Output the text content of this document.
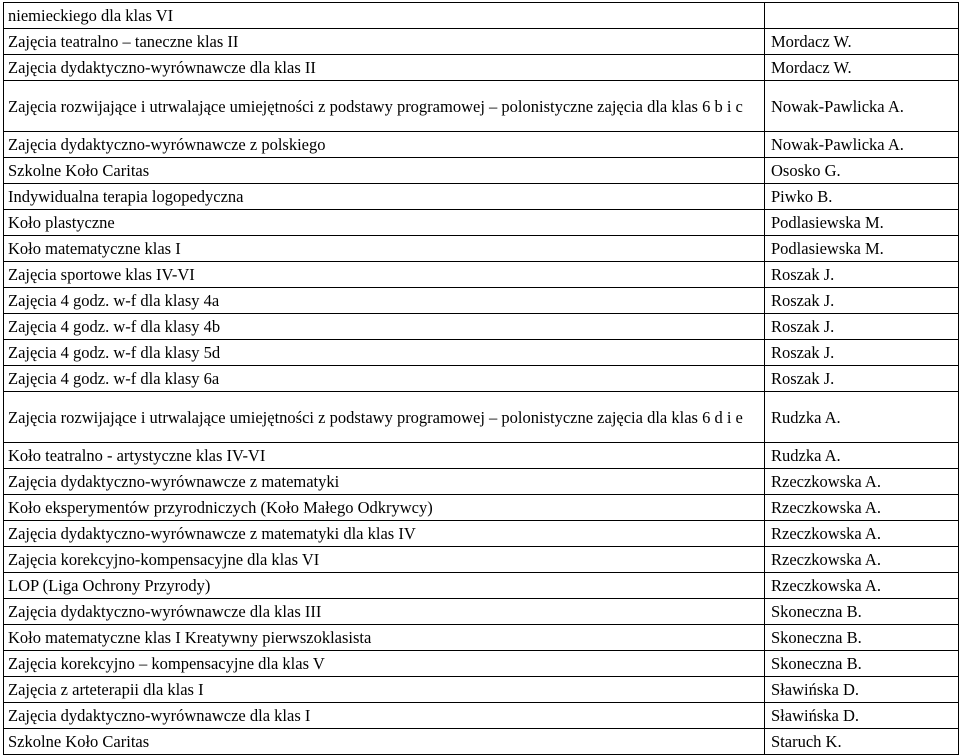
niemieckiego dla klas VI	
Zajęcia teatralno – taneczne klas II	Mordacz W.
Zajęcia dydaktyczno-wyrównawcze dla klas II	Mordacz W.
Zajęcia rozwijające i utrwalające umiejętności z podstawy programowej – polonistyczne zajęcia dla klas 6 b i c	Nowak-Pawlicka A.
Zajęcia dydaktyczno-wyrównawcze z polskiego	Nowak-Pawlicka A.
Szkolne Koło Caritas	Ososko G.
Indywidualna terapia logopedyczna	Piwko B.
Koło plastyczne	Podlasiewska M.
Koło matematyczne klas I	Podlasiewska M.
Zajęcia sportowe klas IV-VI	Roszak J.
Zajęcia 4 godz. w-f dla klasy 4a	Roszak J.
Zajęcia 4 godz. w-f dla klasy 4b	Roszak J.
Zajęcia 4 godz. w-f dla klasy 5d	Roszak J.
Zajęcia 4 godz. w-f dla klasy 6a	Roszak J.
Zajęcia rozwijające i utrwalające umiejętności z podstawy programowej – polonistyczne zajęcia dla klas 6 d i e	Rudzka A.
Koło teatralno - artystyczne klas IV-VI	Rudzka A.
Zajęcia dydaktyczno-wyrównawcze z matematyki	Rzeczkowska A.
Koło eksperymentów przyrodniczych (Koło Małego Odkrywcy)	Rzeczkowska A.
Zajęcia dydaktyczno-wyrównawcze z matematyki dla klas IV	Rzeczkowska A.
Zajęcia korekcyjno-kompensacyjne dla klas VI	Rzeczkowska A.
LOP (Liga Ochrony Przyrody)	Rzeczkowska A.
Zajęcia dydaktyczno-wyrównawcze dla klas III	Skoneczna B.
Koło matematyczne klas I Kreatywny pierwszoklasista	Skoneczna B.
Zajęcia korekcyjno – kompensacyjne dla klas V	Skoneczna B.
Zajęcia z arteterapii dla klas I	Sławińska D.
Zajęcia dydaktyczno-wyrównawcze dla klas I	Sławińska D.
Szkolne Koło Caritas	Staruch K.
